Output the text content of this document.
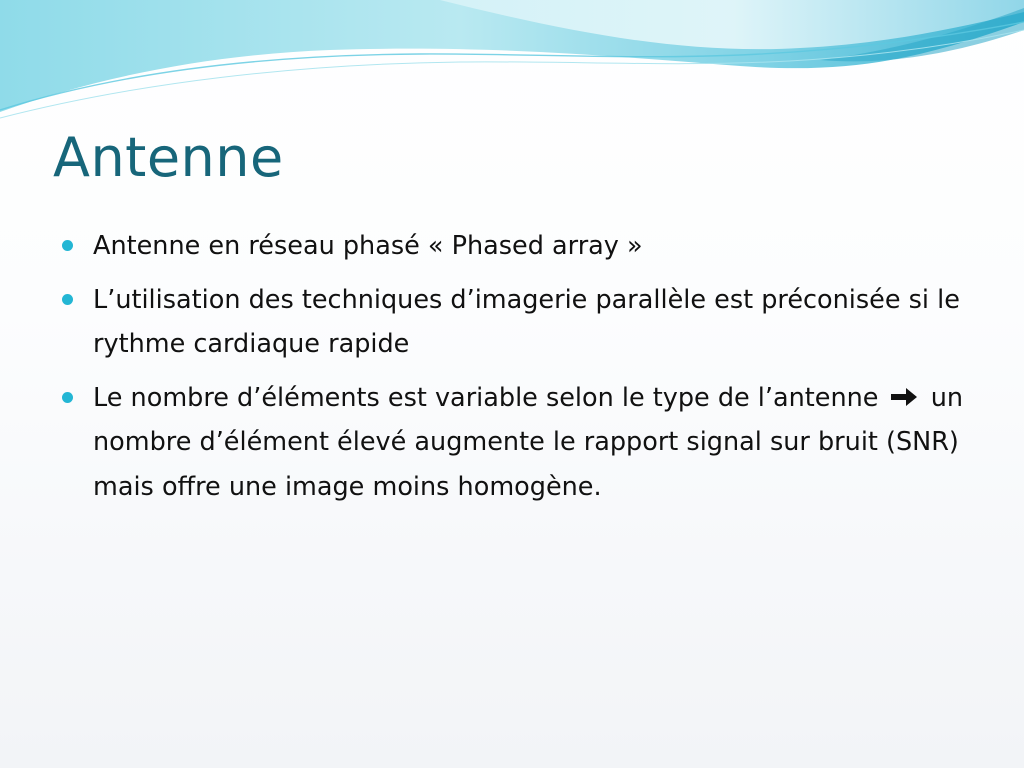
Antenne
Antenne en réseau phasé « Phased array »
L’utilisation des techniques d’imagerie parallèle est préconisée si le rythme cardiaque rapide
Le nombre d’éléments est variable selon le type de l’antenne un nombre d’élément élevé augmente le rapport signal sur bruit (SNR) mais offre une image moins homogène.
